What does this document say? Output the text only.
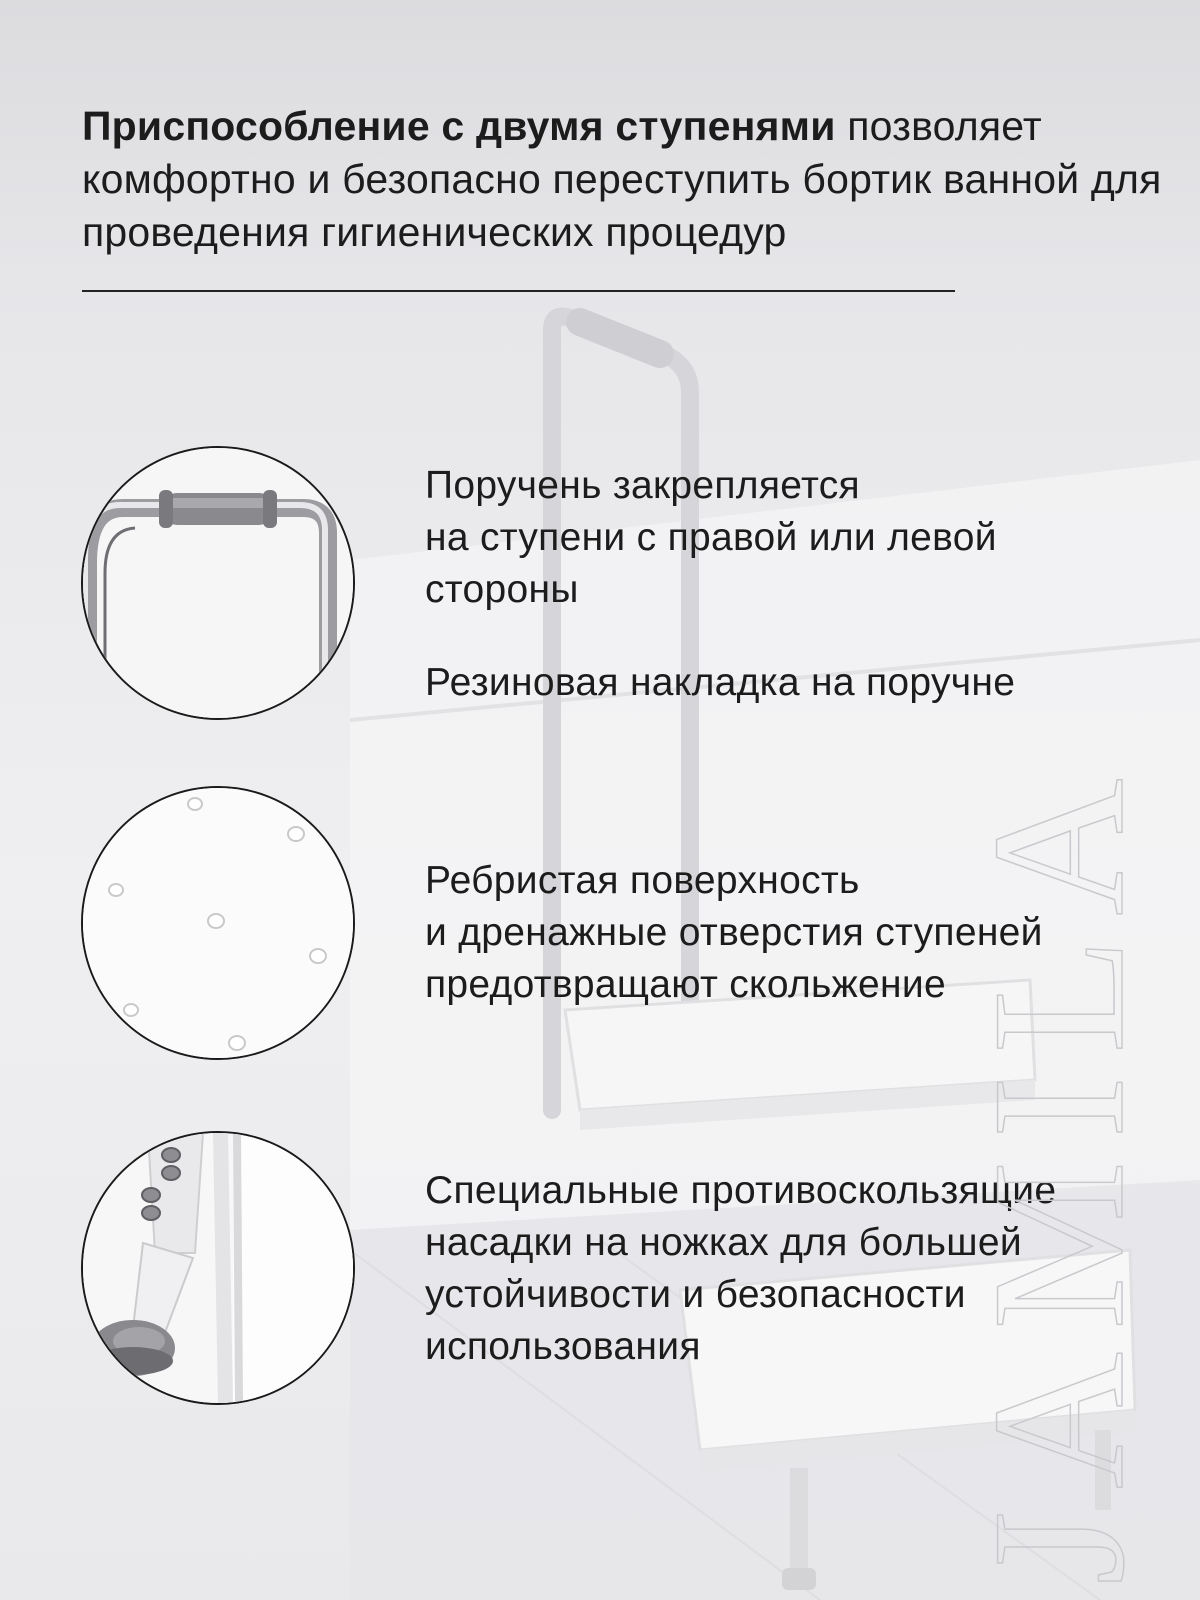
Приспособление с двумя ступенями позволяет комфортно и безопасно переступить бортик ванной для проведения гигиенических процедур

Поручень закрепляется
на ступени с правой или левой
стороны

Резиновая накладка на поручне

Ребристая поверхность
и дренажные отверстия ступеней
предотвращают скольжение

Специальные противоскользящие
насадки на ножках для большей
устойчивости и безопасности
использования	JAMILA
